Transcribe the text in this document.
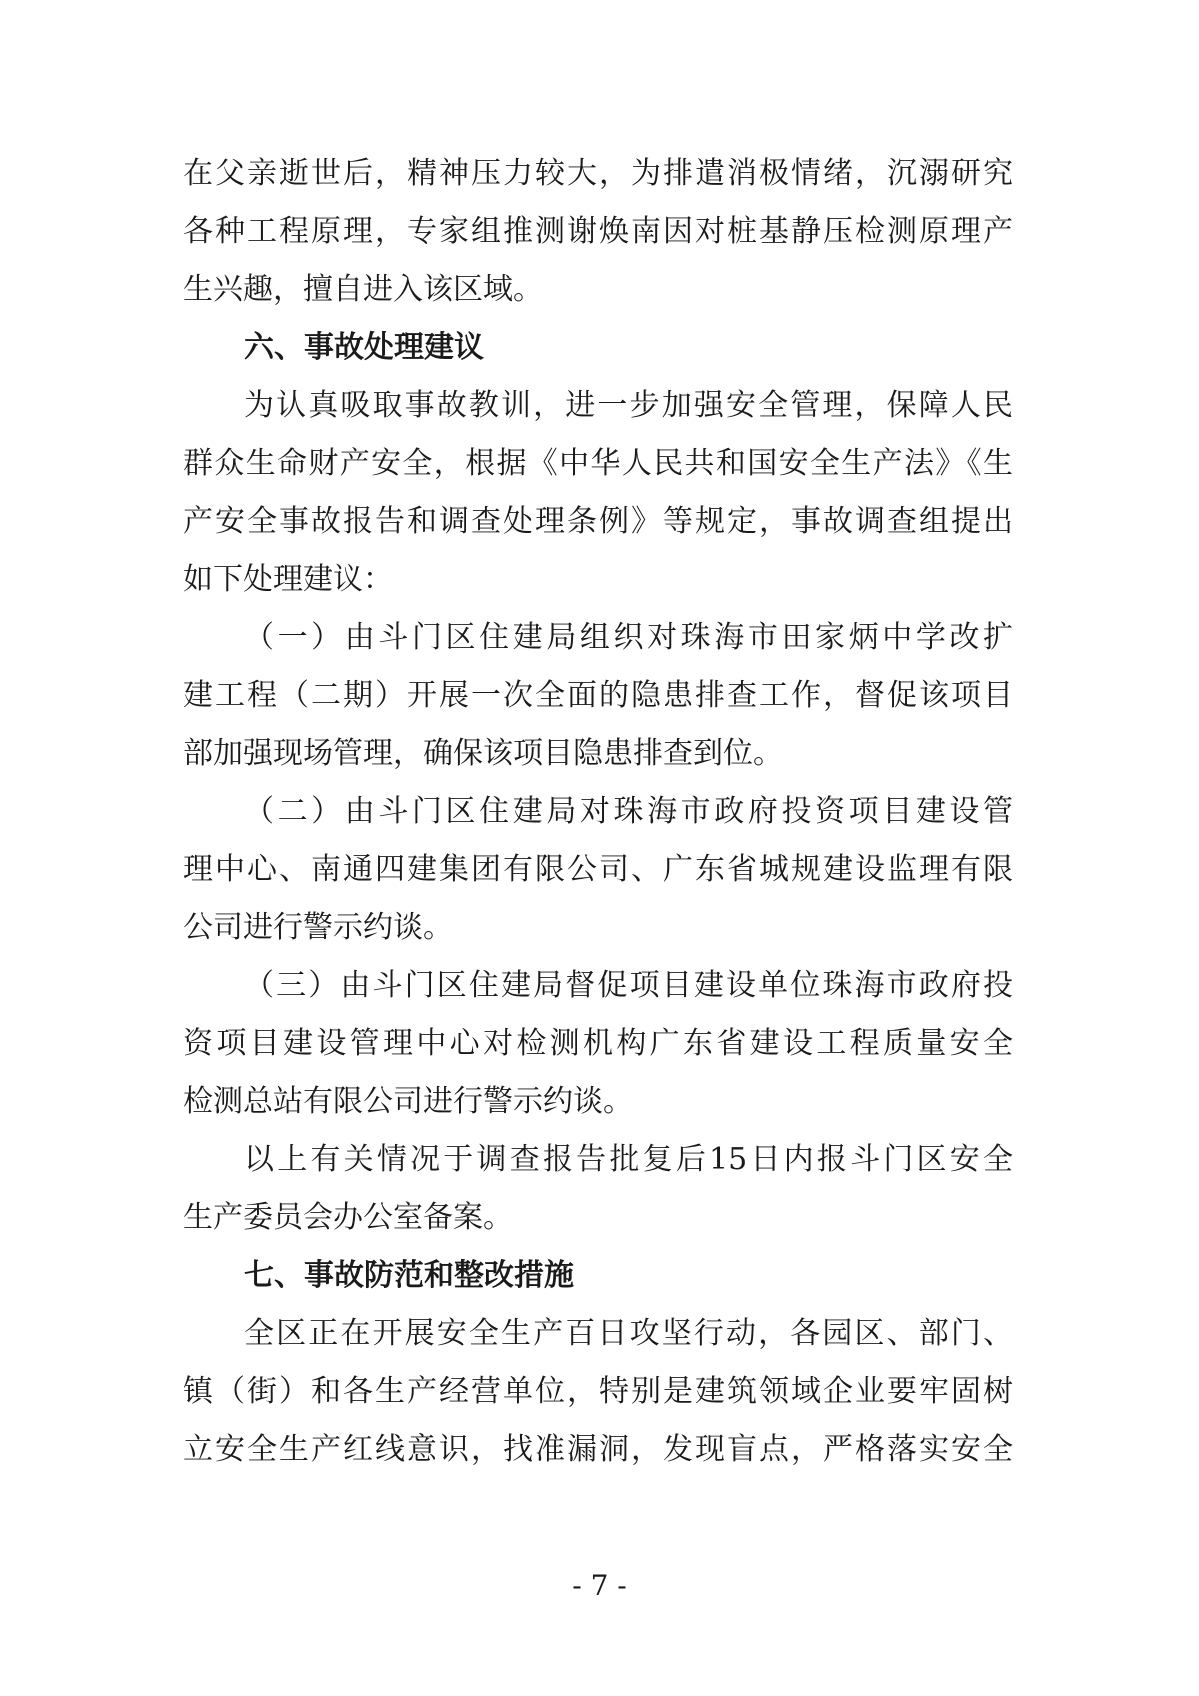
在父亲逝世后，精神压力较大，为排遣消极情绪，沉溺研究
各种工程原理，专家组推测谢焕南因对桩基静压检测原理产
生兴趣，擅自进入该区域。
六、事故处理建议
为认真吸取事故教训，进一步加强安全管理，保障人民
群众生命财产安全，根据《中华人民共和国安全生产法》《生
产安全事故报告和调查处理条例》等规定，事故调查组提出
如下处理建议：
（一）由斗门区住建局组织对珠海市田家炳中学改扩
建工程（二期）开展一次全面的隐患排查工作，督促该项目
部加强现场管理，确保该项目隐患排查到位。
（二）由斗门区住建局对珠海市政府投资项目建设管
理中心、南通四建集团有限公司、广东省城规建设监理有限
公司进行警示约谈。
（三）由斗门区住建局督促项目建设单位珠海市政府投
资项目建设管理中心对检测机构广东省建设工程质量安全
检测总站有限公司进行警示约谈。
以上有关情况于调查报告批复后15日内报斗门区安全
生产委员会办公室备案。
七、事故防范和整改措施
全区正在开展安全生产百日攻坚行动，各园区、部门、
镇（街）和各生产经营单位，特别是建筑领域企业要牢固树
立安全生产红线意识，找准漏洞，发现盲点，严格落实安全
- 7 -
